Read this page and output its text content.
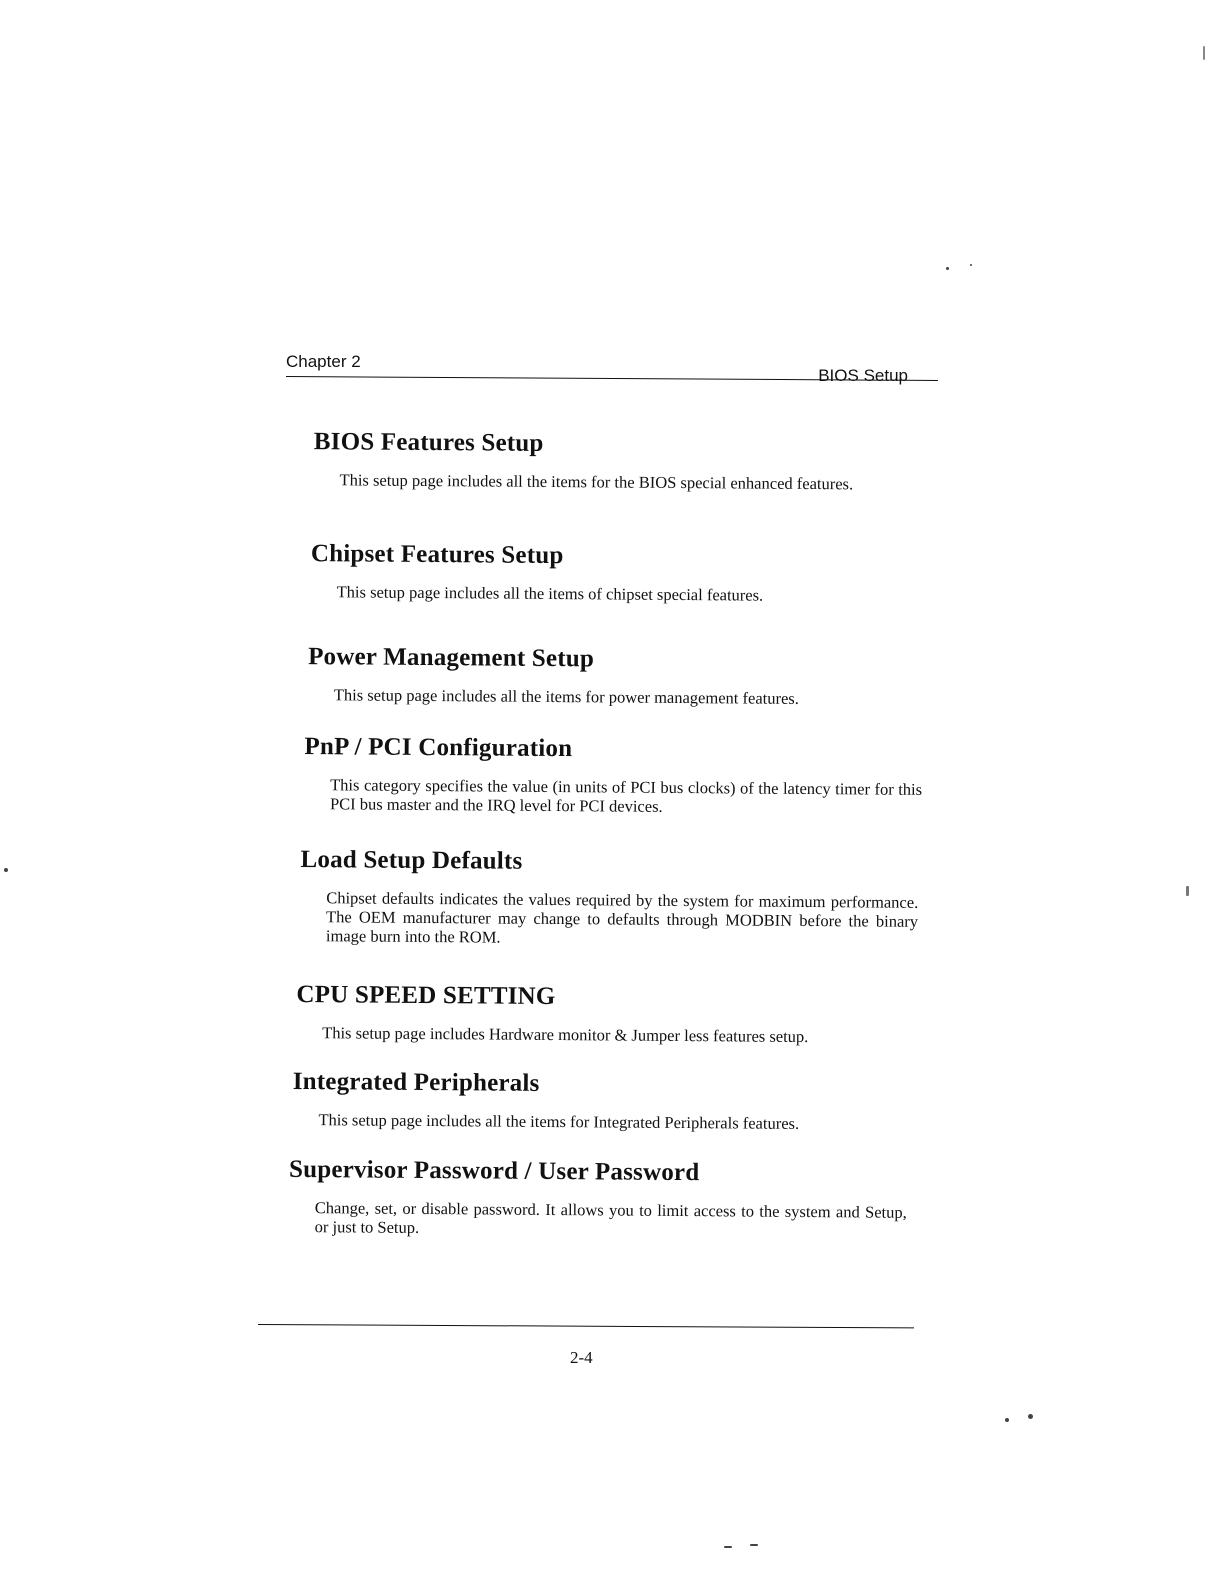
Chapter 2
BIOS Setup
BIOS Features Setup

This setup page includes all the items for the BIOS special enhanced features.

Chipset Features Setup

This setup page includes all the items of chipset special features.

Power Management Setup

This setup page includes all the items for power management features.

PnP / PCI Configuration

This category specifies the value (in units of PCI bus clocks) of the latency timer for this PCI bus master and the IRQ level for PCI devices.

Load Setup Defaults

Chipset defaults indicates the values required by the system for maximum performance. The OEM manufacturer may change to defaults through MODBIN before the binary image burn into the ROM.

CPU SPEED SETTING

This setup page includes Hardware monitor & Jumper less features setup.

Integrated Peripherals

This setup page includes all the items for Integrated Peripherals features.

Supervisor Password / User Password

Change, set, or disable password. It allows you to limit access to the system and Setup, or just to Setup.

2-4
